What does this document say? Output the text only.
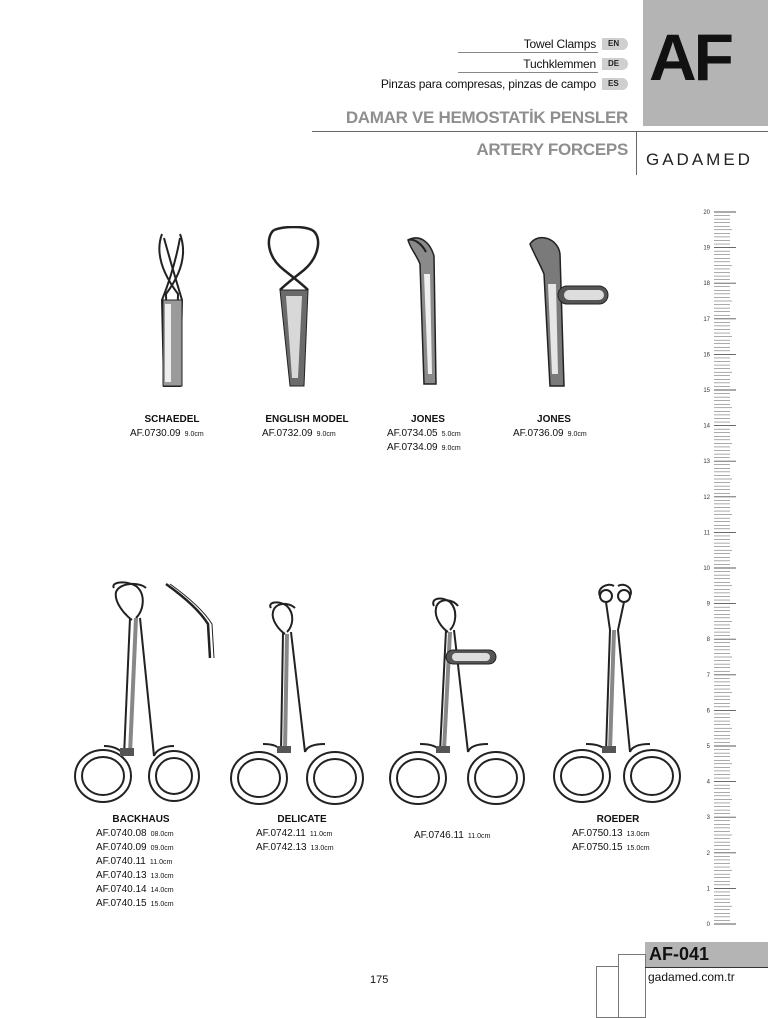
Towel Clamps	EN
Tuchklemmen	DE
Pinzas para compresas, pinzas de campo	ES AF
DAMAR VE HEMOSTATİK PENSLER
ARTERY FORCEPS
GADAMED
0
1
2
3
4
5
6
7
8
9
10
11
12
13
14
15
16
17
18
19
20
SCHAEDEL
AF.0730.09 9.0cm
ENGLISH MODEL
AF.0732.09 9.0cm
JONES
AF.0734.05 5.0cm
AF.0734.09 9.0cm
JONES
AF.0736.09 9.0cm
BACKHAUS
AF.0740.08 08.0cm
AF.0740.09 09.0cm
AF.0740.11 11.0cm
AF.0740.13 13.0cm
AF.0740.14 14.0cm
AF.0740.15 15.0cm
DELICATE
AF.0742.11 11.0cm
AF.0742.13 13.0cm
AF.0746.11 11.0cm
ROEDER
AF.0750.13 13.0cm
AF.0750.15 15.0cm
AF-041
gadamed.com.tr
175
